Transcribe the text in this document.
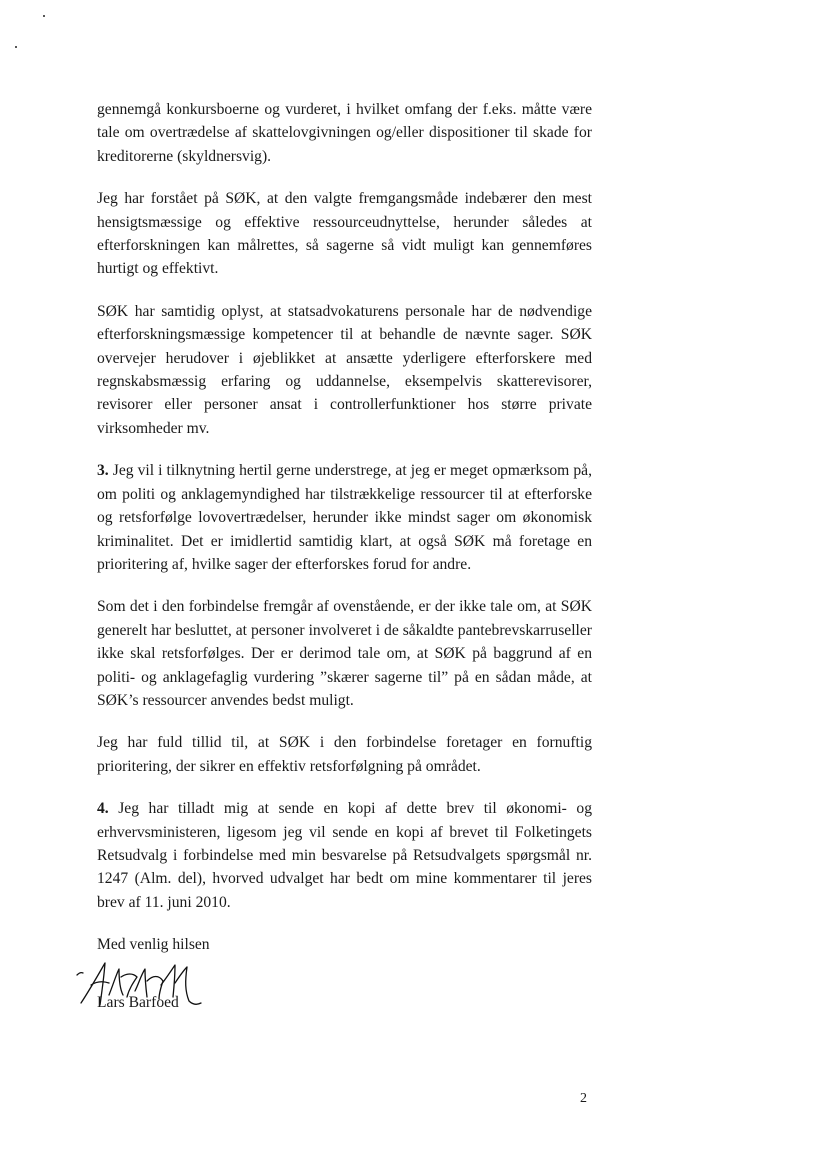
gennemgå konkursboerne og vurderet, i hvilket omfang der f.eks. måtte være tale om overtrædelse af skattelovgivningen og/eller dispositioner til skade for kreditorerne (skyldnersvig).

Jeg har forstået på SØK, at den valgte fremgangsmåde indebærer den mest hensigtsmæssige og effektive ressourceudnyttelse, herunder således at efterforskningen kan målrettes, så sagerne så vidt muligt kan gennemføres hurtigt og effektivt.

SØK har samtidig oplyst, at statsadvokaturens personale har de nødvendige efterforskningsmæssige kompetencer til at behandle de nævnte sager. SØK overvejer herudover i øjeblikket at ansætte yderligere efterforskere med regnskabsmæssig erfaring og uddannelse, eksempelvis skatterevisorer, revisorer eller personer ansat i controllerfunktioner hos større private virksomheder mv.

3. Jeg vil i tilknytning hertil gerne understrege, at jeg er meget opmærksom på, om politi og anklagemyndighed har tilstrækkelige ressourcer til at efterforske og retsforfølge lovovertrædelser, herunder ikke mindst sager om økonomisk kriminalitet. Det er imidlertid samtidig klart, at også SØK må foretage en prioritering af, hvilke sager der efterforskes forud for andre.

Som det i den forbindelse fremgår af ovenstående, er der ikke tale om, at SØK generelt har besluttet, at personer involveret i de såkaldte pantebrevskarruseller ikke skal retsforfølges. Der er derimod tale om, at SØK på baggrund af en politi- og anklagefaglig vurdering ”skærer sagerne til” på en sådan måde, at SØK’s ressourcer anvendes bedst muligt.

Jeg har fuld tillid til, at SØK i den forbindelse foretager en fornuftig prioritering, der sikrer en effektiv retsforfølgning på området.

4. Jeg har tilladt mig at sende en kopi af dette brev til økonomi- og erhvervsministeren, ligesom jeg vil sende en kopi af brevet til Folketingets Retsudvalg i forbindelse med min besvarelse på Retsudvalgets spørgsmål nr. 1247 (Alm. del), hvorved udvalget har bedt om mine kommentarer til jeres brev af 11. juni 2010.

Med venlig hilsen

Lars Barfoed
2
